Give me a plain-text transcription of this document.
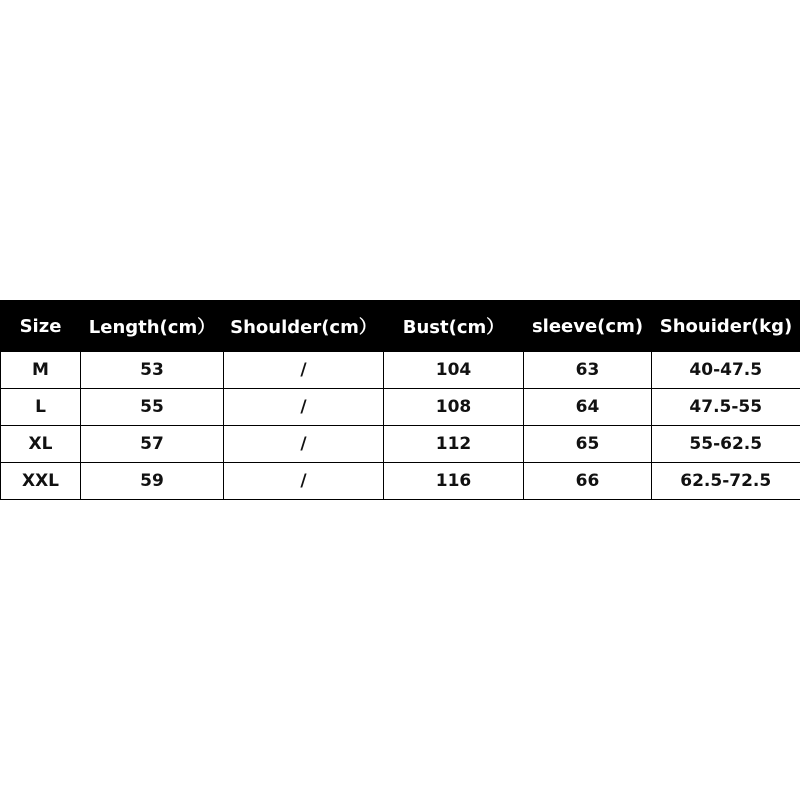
Size	Length(cm）	Shoulder(cm）	Bust(cm）	sleeve(cm)	Shouider(kg)
M	53	/	104	63	40-47.5
L	55	/	108	64	47.5-55
XL	57	/	112	65	55-62.5
XXL	59	/	116	66	62.5-72.5
